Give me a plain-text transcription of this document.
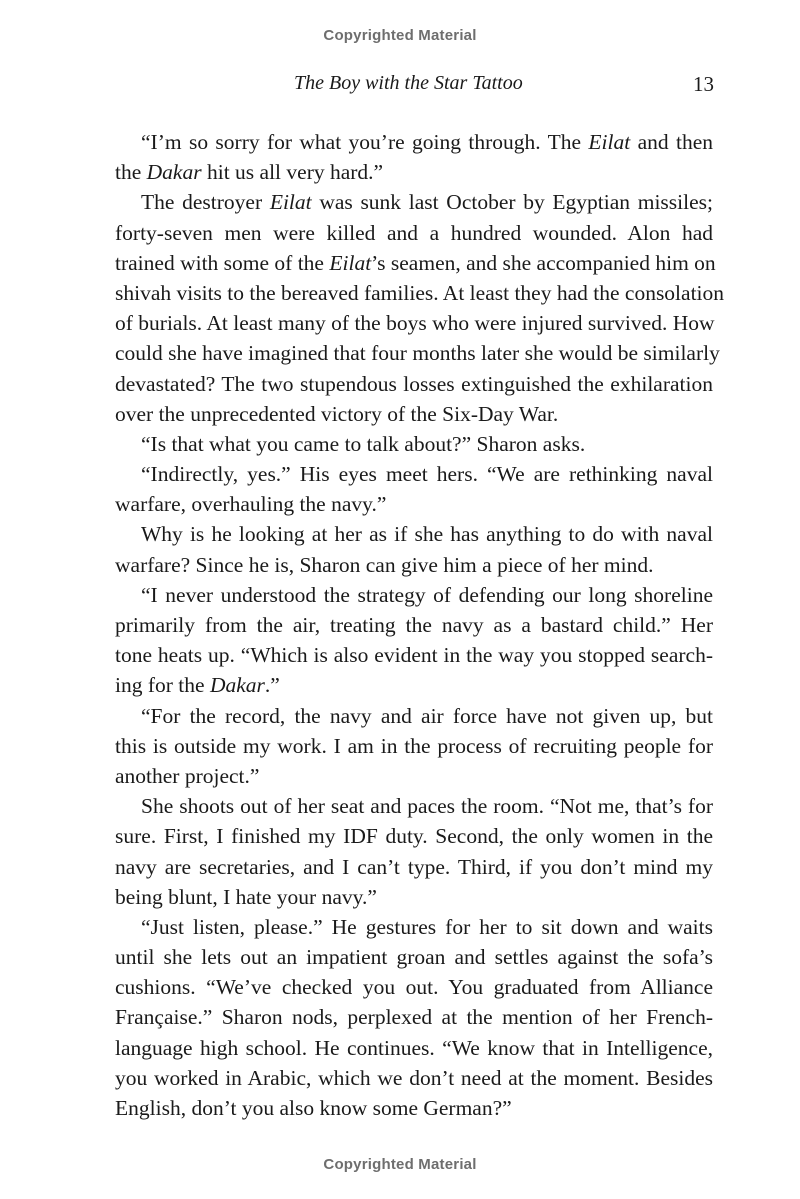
Copyrighted Material
The Boy with the Star Tattoo	13
“I’m so sorry for what you’re going through. The Eilat and then
the Dakar hit us all very hard.”
The destroyer Eilat was sunk last October by Egyptian missiles;
forty-seven men were killed and a hundred wounded. Alon had
trained with some of the Eilat’s seamen, and she accompanied him on
shivah visits to the bereaved families. At least they had the consolation
of burials. At least many of the boys who were injured survived. How
could she have imagined that four months later she would be similarly
devastated? The two stupendous losses extinguished the exhilaration
over the unprecedented victory of the Six-Day War.
“Is that what you came to talk about?” Sharon asks.
“Indirectly, yes.” His eyes meet hers. “We are rethinking naval
warfare, overhauling the navy.”
Why is he looking at her as if she has anything to do with naval
warfare? Since he is, Sharon can give him a piece of her mind.
“I never understood the strategy of defending our long shoreline
primarily from the air, treating the navy as a bastard child.” Her
tone heats up. “Which is also evident in the way you stopped search-
ing for the Dakar.”
“For the record, the navy and air force have not given up, but
this is outside my work. I am in the process of recruiting people for
another project.”
She shoots out of her seat and paces the room. “Not me, that’s for
sure. First, I finished my IDF duty. Second, the only women in the
navy are secretaries, and I can’t type. Third, if you don’t mind my
being blunt, I hate your navy.”
“Just listen, please.” He gestures for her to sit down and waits
until she lets out an impatient groan and settles against the sofa’s
cushions. “We’ve checked you out. You graduated from Alliance
Française.” Sharon nods, perplexed at the mention of her French-
language high school. He continues. “We know that in Intelligence,
you worked in Arabic, which we don’t need at the moment. Besides
English, don’t you also know some German?”
Copyrighted Material
